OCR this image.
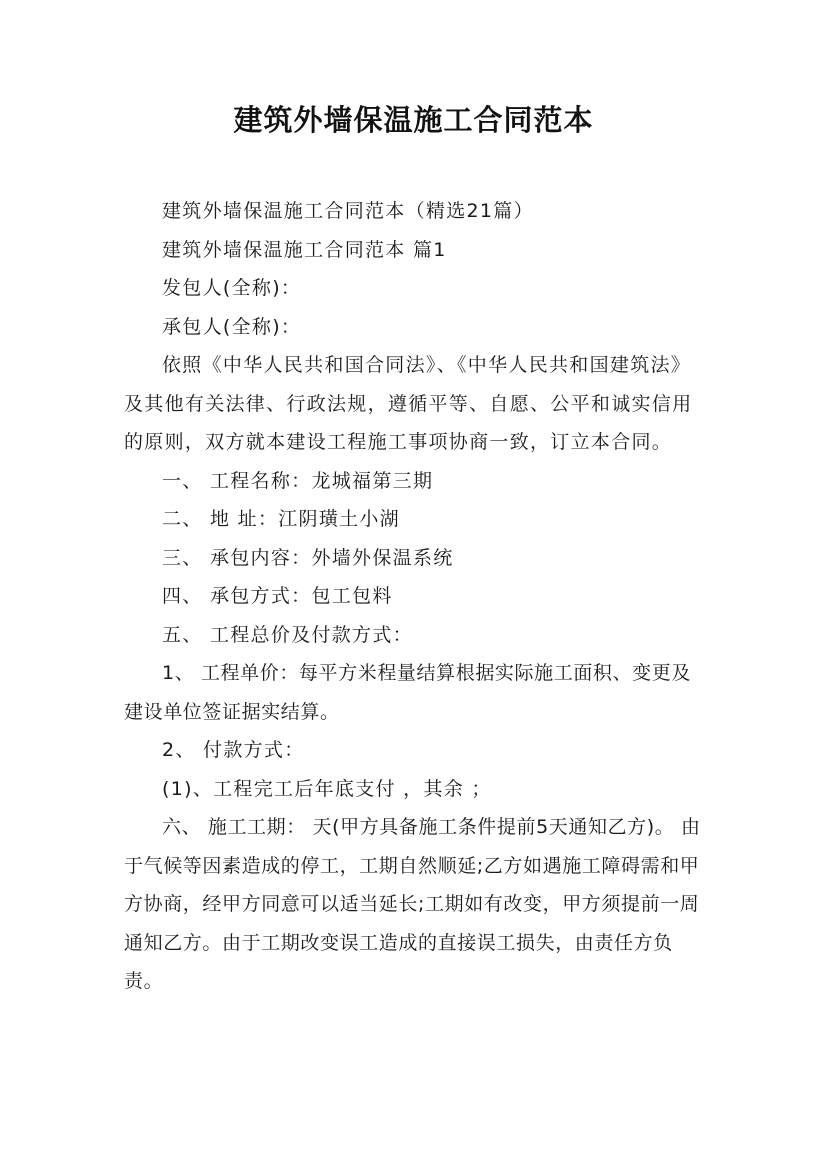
建筑外墙保温施工合同范本

建筑外墙保温施工合同范本（精选21篇）

建筑外墙保温施工合同范本 篇1

发包人(全称)：

承包人(全称)：

依照《中华人民共和国合同法》、《中华人民共和国建筑法》及其他有关法律、行政法规，遵循平等、自愿、公平和诚实信用的原则，双方就本建设工程施工事项协商一致，订立本合同。

一、 工程名称：龙城福第三期

二、 地 址：江阴璜土小湖

三、 承包内容：外墙外保温系统

四、 承包方式：包工包料

五、 工程总价及付款方式：

1、 工程单价：每平方米程量结算根据实际施工面积、变更及建设单位签证据实结算。

2、 付款方式：

(1)、工程完工后年底支付 ，其余 ；

六、 施工工期： 天(甲方具备施工条件提前5天通知乙方)。 由于气候等因素造成的停工，工期自然顺延;乙方如遇施工障碍需和甲方协商，经甲方同意可以适当延长;工期如有改变，甲方须提前一周通知乙方。由于工期改变误工造成的直接误工损失，由责任方负责。
